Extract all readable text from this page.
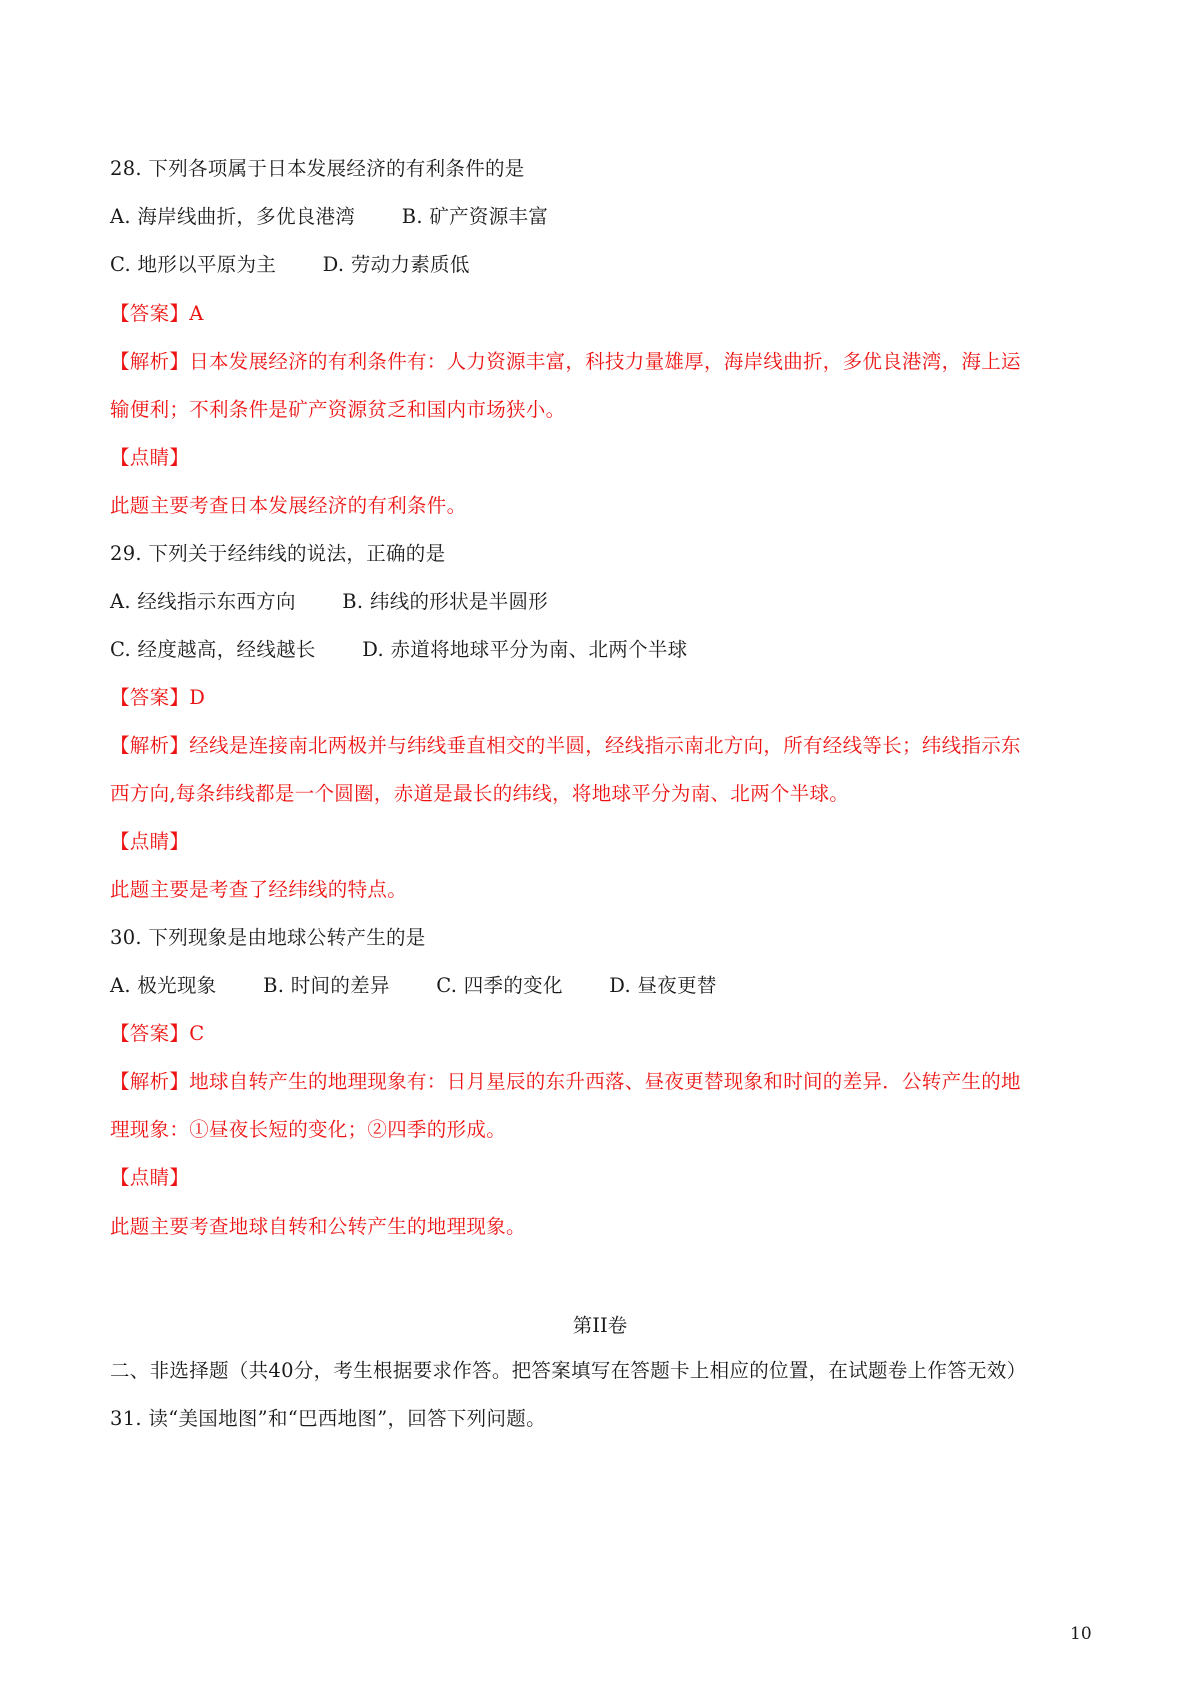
28. 下列各项属于日本发展经济的有利条件的是
A. 海岸线曲折，多优良港湾 B. 矿产资源丰富
C. 地形以平原为主 D. 劳动力素质低
【答案】A
【解析】日本发展经济的有利条件有：人力资源丰富，科技力量雄厚，海岸线曲折，多优良港湾，海上运
输便利；不利条件是矿产资源贫乏和国内市场狭小。
【点睛】
此题主要考查日本发展经济的有利条件。
29. 下列关于经纬线的说法，正确的是
A. 经线指示东西方向 B. 纬线的形状是半圆形
C. 经度越高，经线越长 D. 赤道将地球平分为南、北两个半球
【答案】D
【解析】经线是连接南北两极并与纬线垂直相交的半圆，经线指示南北方向，所有经线等长；纬线指示东
西方向,每条纬线都是一个圆圈，赤道是最长的纬线，将地球平分为南、北两个半球。
【点睛】
此题主要是考查了经纬线的特点。
30. 下列现象是由地球公转产生的是
A. 极光现象 B. 时间的差异 C. 四季的变化 D. 昼夜更替
【答案】C
【解析】地球自转产生的地理现象有：日月星辰的东升西落、昼夜更替现象和时间的差异．公转产生的地
理现象：①昼夜长短的变化；②四季的形成。
【点睛】
此题主要考查地球自转和公转产生的地理现象。
第II卷
二、非选择题（共40分，考生根据要求作答。把答案填写在答题卡上相应的位置，在试题卷上作答无效）
31. 读“美国地图”和“巴西地图”，回答下列问题。
10
